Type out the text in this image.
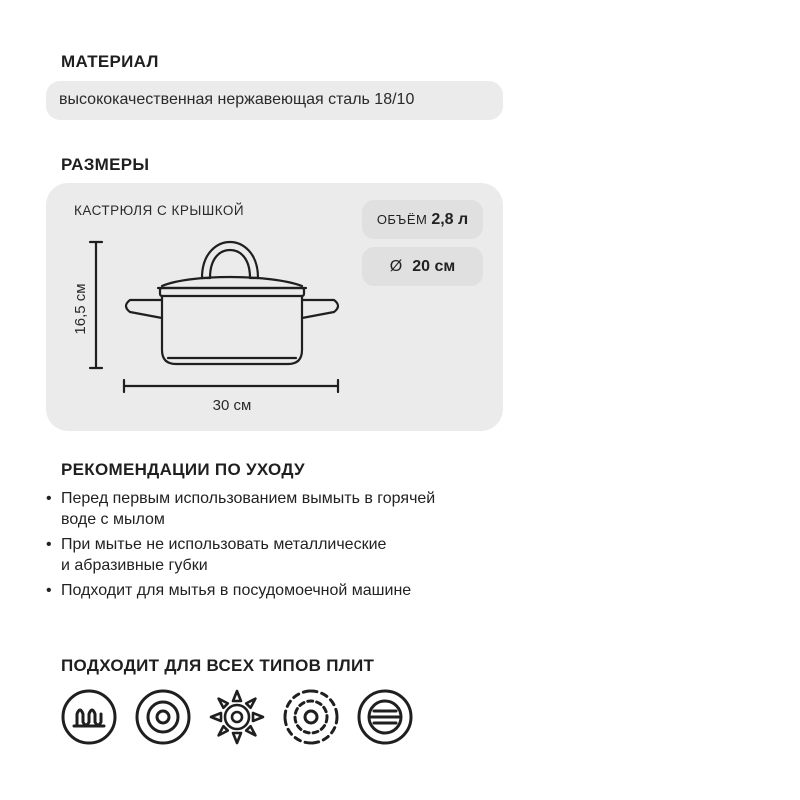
МАТЕРИАЛ
высококачественная нержавеющая сталь 18/10
РАЗМЕРЫ
КАСТРЮЛЯ С КРЫШКОЙ
ОБЪЁМ 2,8 л
Ø 20 см
16,5 см
30 см
РЕКОМЕНДАЦИИ ПО УХОДУ
• Перед первым использованием вымыть в горячей
воде с мылом
• При мытье не использовать металлические
и абразивные губки
• Подходит для мытья в посудомоечной машине
ПОДХОДИТ ДЛЯ ВСЕХ ТИПОВ ПЛИТ
